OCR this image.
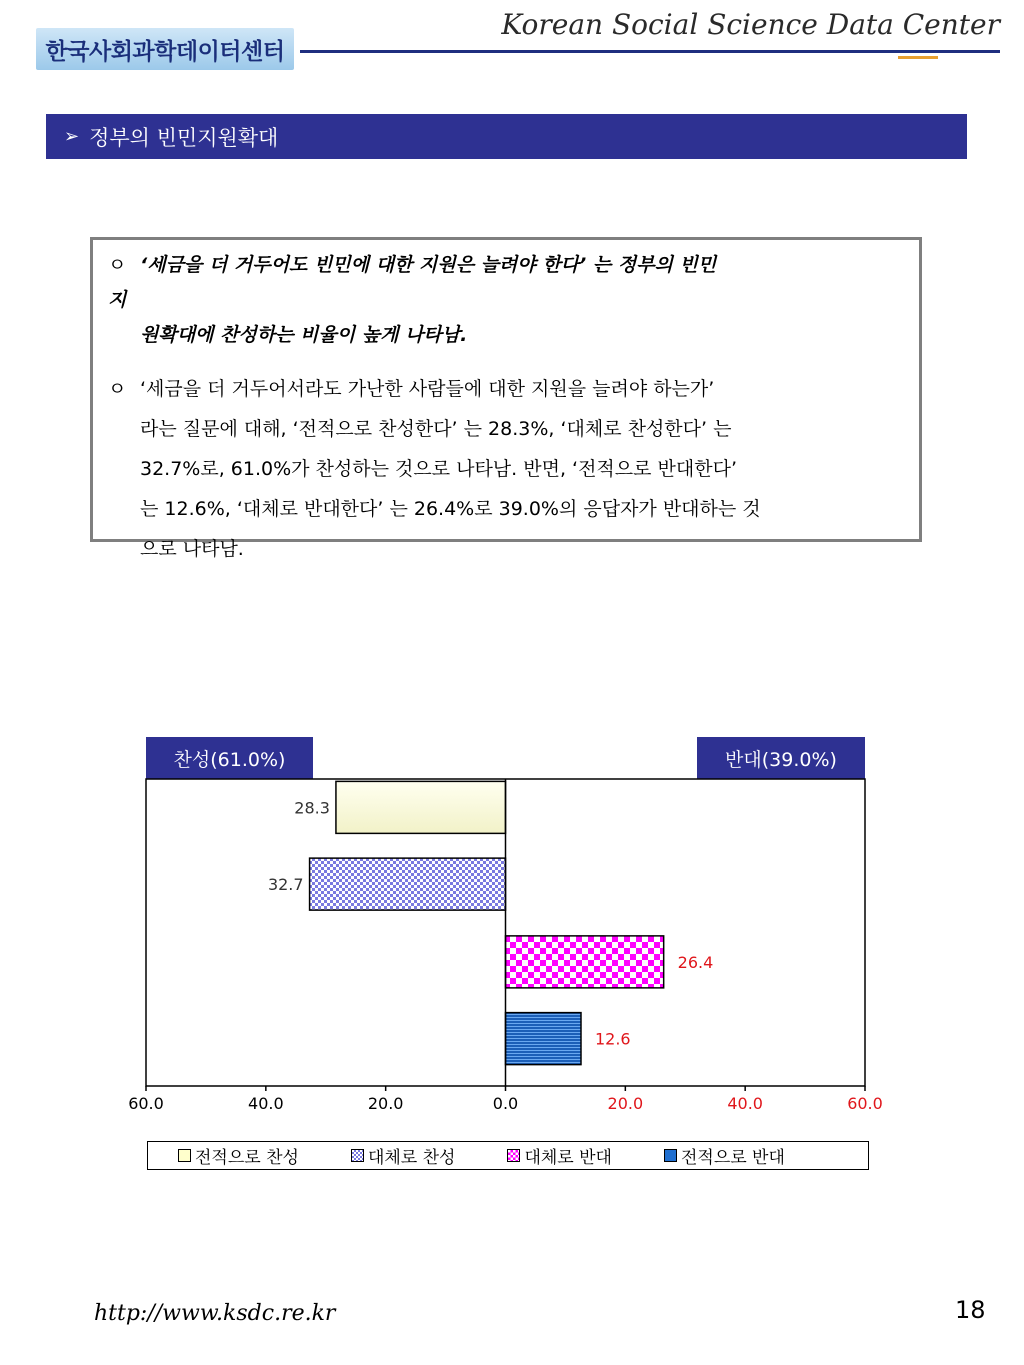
한국사회과학데이터센터
Korean Social Science Data Center
➢ 정부의 빈민지원확대
ㅇ ‘세금을 더 거두어도 빈민에 대한 지원은 늘려야 한다’ 는 정부의 빈민
지
원확대에 찬성하는 비율이 높게 나타남.
ㅇ ‘세금을 더 거두어서라도 가난한 사람들에 대한 지원을 늘려야 하는가’
라는 질문에 대해, ‘전적으로 찬성한다’ 는 28.3%, ‘대체로 찬성한다’ 는
32.7%로, 61.0%가 찬성하는 것으로 나타남. 반면, ‘전적으로 반대한다’
는 12.6%, ‘대체로 반대한다’ 는 26.4%로 39.0%의 응답자가 반대하는 것
으로 나타남.
찬성(61.0%)	반대(39.0%)
28.3
32.7
26.4
12.6
60.0	40.0	20.0	0.0	20.0	40.0	60.0
전적으로 찬성	대체로 찬성	대체로 반대	전적으로 반대
http://www.ksdc.re.kr	18
